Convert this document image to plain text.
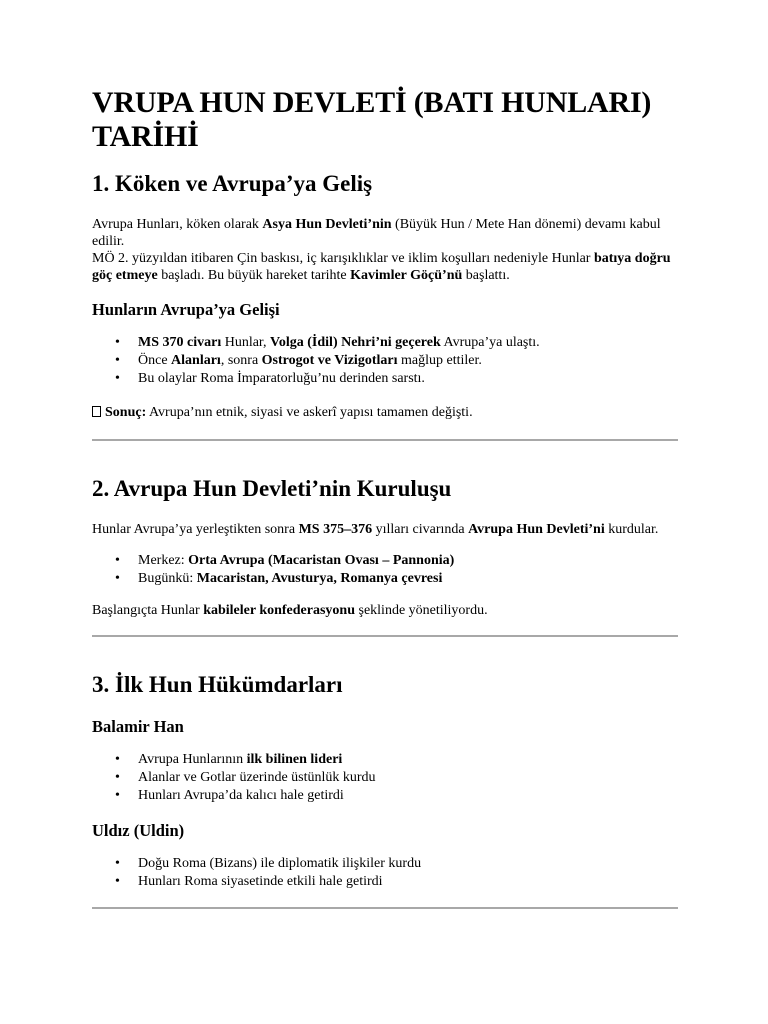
VRUPA HUN DEVLETİ (BATI HUNLARI) TARİHİ
1. Köken ve Avrupa’ya Geliş

Avrupa Hunları, köken olarak Asya Hun Devleti’nin (Büyük Hun / Mete Han dönemi) devamı kabul edilir.

MÖ 2. yüzyıldan itibaren Çin baskısı, iç karışıklıklar ve iklim koşulları nedeniyle Hunlar batıya doğru göç etmeye başladı. Bu büyük hareket tarihte Kavimler Göçü’nü başlattı.

Hunların Avrupa’ya Gelişi
• MS 370 civarı Hunlar, Volga (İdil) Nehri’ni geçerek Avrupa’ya ulaştı.
• Önce Alanları, sonra Ostrogot ve Vizigotları mağlup ettiler.
• Bu olaylar Roma İmparatorluğu’nu derinden sarstı.

Sonuç: Avrupa’nın etnik, siyasi ve askerî yapısı tamamen değişti.

2. Avrupa Hun Devleti’nin Kuruluşu

Hunlar Avrupa’ya yerleştikten sonra MS 375–376 yılları civarında Avrupa Hun Devleti’ni kurdular.

• Merkez: Orta Avrupa (Macaristan Ovası – Pannonia)
• Bugünkü: Macaristan, Avusturya, Romanya çevresi

Başlangıçta Hunlar kabileler konfederasyonu şeklinde yönetiliyordu.

3. İlk Hun Hükümdarları
Balamir Han
• Avrupa Hunlarının ilk bilinen lideri
• Alanlar ve Gotlar üzerinde üstünlük kurdu
• Hunları Avrupa’da kalıcı hale getirdi
Uldız (Uldin)
• Doğu Roma (Bizans) ile diplomatik ilişkiler kurdu
• Hunları Roma siyasetinde etkili hale getirdi
